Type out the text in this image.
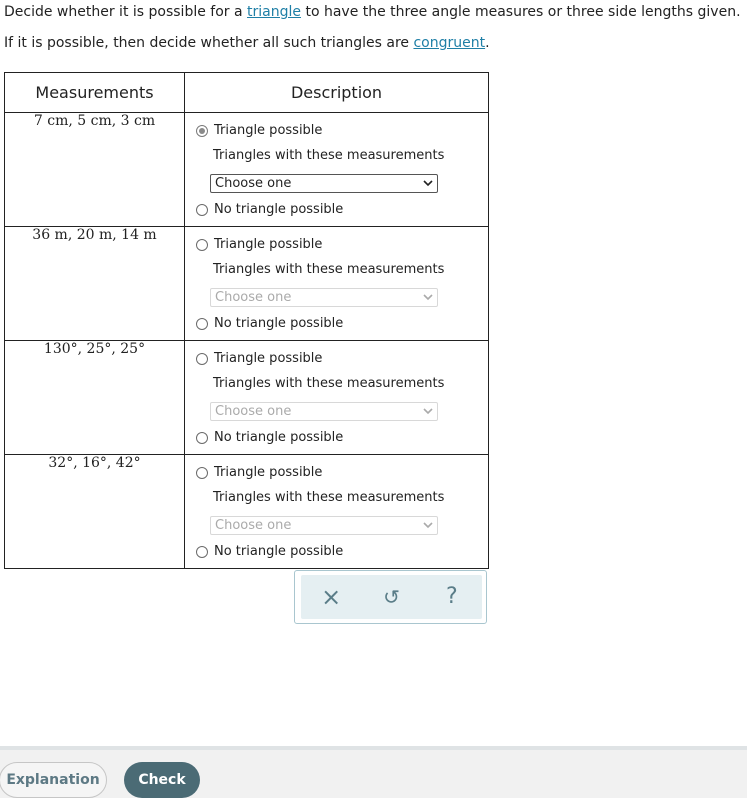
Decide whether it is possible for a triangle to have the three angle measures or three side lengths given.
If it is possible, then decide whether all such triangles are congruent.
Measurements	Description
7 cm, 5 cm, 3 cm	Triangle possible
Triangles with these measurements
Choose one
No triangle possible

36 m, 20 m, 14 m	Triangle possible
Triangles with these measurements
Choose one
No triangle possible

130°, 25°, 25°	Triangle possible
Triangles with these measurements
Choose one
No triangle possible

32°, 16°, 42°	Triangle possible
Triangles with these measurements
Choose one
No triangle possible
× ↺ ?
Explanation	Check
